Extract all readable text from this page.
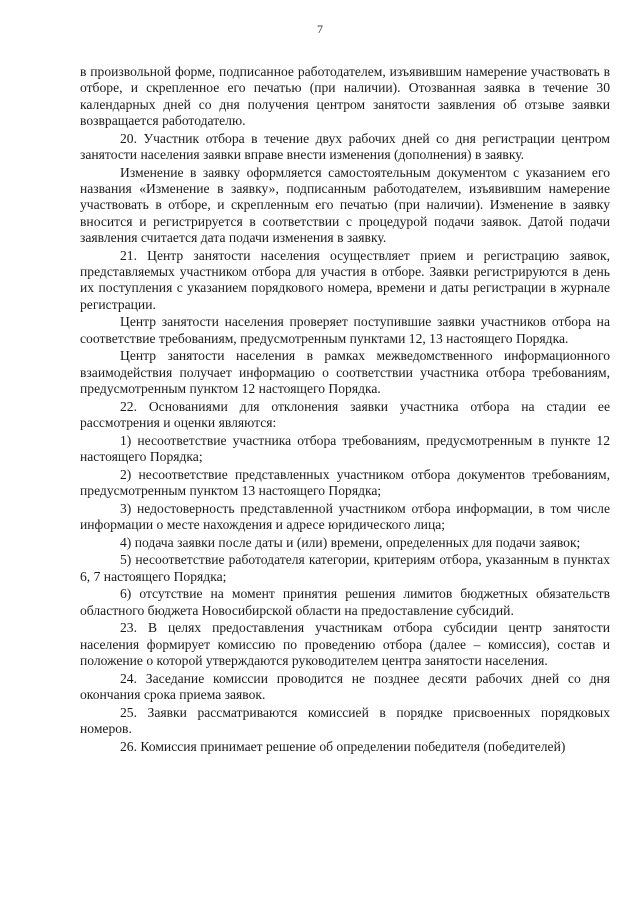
7

в произвольной форме, подписанное работодателем, изъявившим намерение участвовать в отборе, и скрепленное его печатью (при наличии). Отозванная заявка в течение 30 календарных дней со дня получения центром занятости заявления об отзыве заявки возвращается работодателю.

20. Участник отбора в течение двух рабочих дней со дня регистрации центром занятости населения заявки вправе внести изменения (дополнения) в заявку.

Изменение в заявку оформляется самостоятельным документом с указанием его названия «Изменение в заявку», подписанным работодателем, изъявившим намерение участвовать в отборе, и скрепленным его печатью (при наличии). Изменение в заявку вносится и регистрируется в соответствии с процедурой подачи заявок. Датой подачи заявления считается дата подачи изменения в заявку.

21. Центр занятости населения осуществляет прием и регистрацию заявок, представляемых участником отбора для участия в отборе. Заявки регистрируются в день их поступления с указанием порядкового номера, времени и даты регистрации в журнале регистрации.

Центр занятости населения проверяет поступившие заявки участников отбора на соответствие требованиям, предусмотренным пунктами 12, 13 настоящего Порядка.

Центр занятости населения в рамках межведомственного информационного взаимодействия получает информацию о соответствии участника отбора требованиям, предусмотренным пунктом 12 настоящего Порядка.

22. Основаниями для отклонения заявки участника отбора на стадии ее рассмотрения и оценки являются:

1) несоответствие участника отбора требованиям, предусмотренным в пункте 12 настоящего Порядка;

2) несоответствие представленных участником отбора документов требованиям, предусмотренным пунктом 13 настоящего Порядка;

3) недостоверность представленной участником отбора информации, в том числе информации о месте нахождения и адресе юридического лица;

4) подача заявки после даты и (или) времени, определенных для подачи заявок;

5) несоответствие работодателя категории, критериям отбора, указанным в пунктах 6, 7 настоящего Порядка;

6) отсутствие на момент принятия решения лимитов бюджетных обязательств областного бюджета Новосибирской области на предоставление субсидий.

23. В целях предоставления участникам отбора субсидии центр занятости населения формирует комиссию по проведению отбора (далее – комиссия), состав и положение о которой утверждаются руководителем центра занятости населения.

24. Заседание комиссии проводится не позднее десяти рабочих дней со дня окончания срока приема заявок.

25. Заявки рассматриваются комиссией в порядке присвоенных порядковых номеров.

26. Комиссия принимает решение об определении победителя (победителей)
